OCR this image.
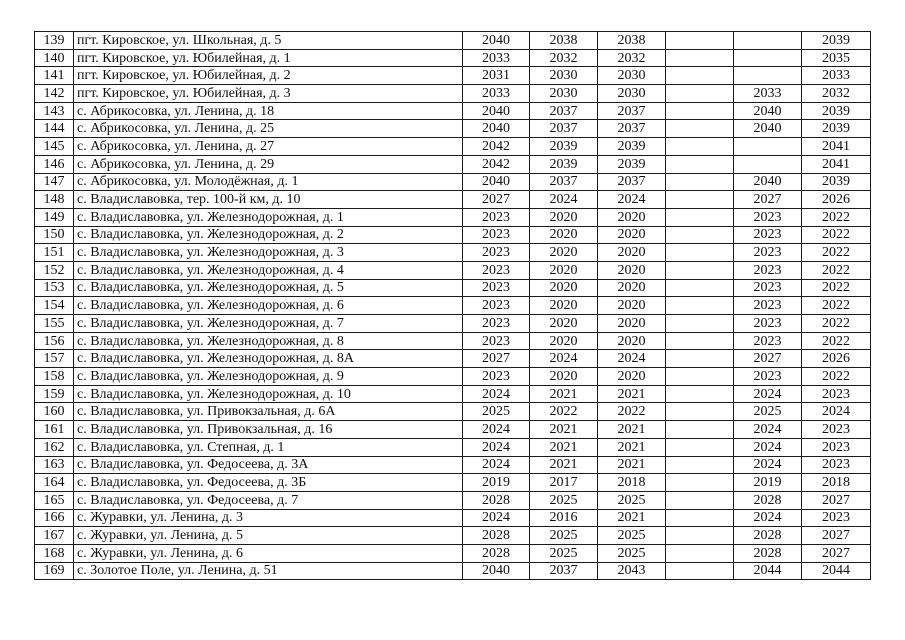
139	пгт. Кировское, ул. Школьная, д. 5	2040	2038	2038			2039
140	пгт. Кировское, ул. Юбилейная, д. 1	2033	2032	2032			2035
141	пгт. Кировское, ул. Юбилейная, д. 2	2031	2030	2030			2033
142	пгт. Кировское, ул. Юбилейная, д. 3	2033	2030	2030		2033	2032
143	с. Абрикосовка, ул. Ленина, д. 18	2040	2037	2037		2040	2039
144	с. Абрикосовка, ул. Ленина, д. 25	2040	2037	2037		2040	2039
145	с. Абрикосовка, ул. Ленина, д. 27	2042	2039	2039			2041
146	с. Абрикосовка, ул. Ленина, д. 29	2042	2039	2039			2041
147	с. Абрикосовка, ул. Молодёжная, д. 1	2040	2037	2037		2040	2039
148	с. Владиславовка, тер. 100-й км, д. 10	2027	2024	2024		2027	2026
149	с. Владиславовка, ул. Железнодорожная, д. 1	2023	2020	2020		2023	2022
150	с. Владиславовка, ул. Железнодорожная, д. 2	2023	2020	2020		2023	2022
151	с. Владиславовка, ул. Железнодорожная, д. 3	2023	2020	2020		2023	2022
152	с. Владиславовка, ул. Железнодорожная, д. 4	2023	2020	2020		2023	2022
153	с. Владиславовка, ул. Железнодорожная, д. 5	2023	2020	2020		2023	2022
154	с. Владиславовка, ул. Железнодорожная, д. 6	2023	2020	2020		2023	2022
155	с. Владиславовка, ул. Железнодорожная, д. 7	2023	2020	2020		2023	2022
156	с. Владиславовка, ул. Железнодорожная, д. 8	2023	2020	2020		2023	2022
157	с. Владиславовка, ул. Железнодорожная, д. 8А	2027	2024	2024		2027	2026
158	с. Владиславовка, ул. Железнодорожная, д. 9	2023	2020	2020		2023	2022
159	с. Владиславовка, ул. Железнодорожная, д. 10	2024	2021	2021		2024	2023
160	с. Владиславовка, ул. Привокзальная, д. 6А	2025	2022	2022		2025	2024
161	с. Владиславовка, ул. Привокзальная, д. 16	2024	2021	2021		2024	2023
162	с. Владиславовка, ул. Степная, д. 1	2024	2021	2021		2024	2023
163	с. Владиславовка, ул. Федосеева, д. 3А	2024	2021	2021		2024	2023
164	с. Владиславовка, ул. Федосеева, д. 3Б	2019	2017	2018		2019	2018
165	с. Владиславовка, ул. Федосеева, д. 7	2028	2025	2025		2028	2027
166	с. Журавки, ул. Ленина, д. 3	2024	2016	2021		2024	2023
167	с. Журавки, ул. Ленина, д. 5	2028	2025	2025		2028	2027
168	с. Журавки, ул. Ленина, д. 6	2028	2025	2025		2028	2027
169	с. Золотое Поле, ул. Ленина, д. 51	2040	2037	2043		2044	2044
